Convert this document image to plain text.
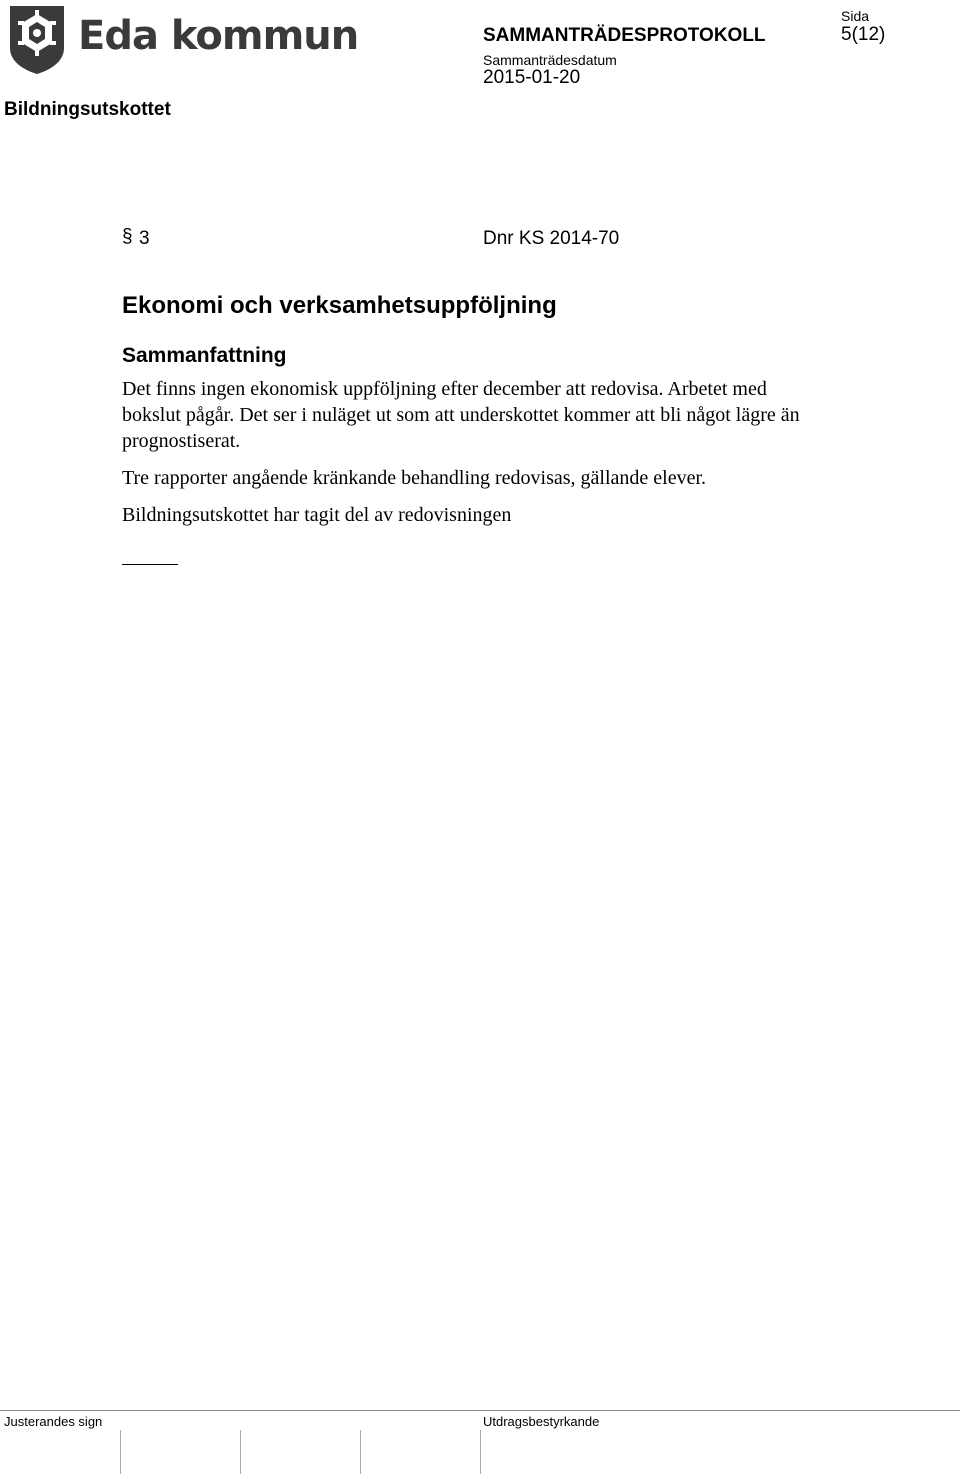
Eda kommun	SAMMANTRÄDESPROTOKOLL
Sammanträdesdatum
2015-01-20
Sida
5(12)
Bildningsutskottet
§ 3	Dnr KS 2014-70
Ekonomi och verksamhetsuppföljning
Sammanfattning
Det finns ingen ekonomisk uppföljning efter december att redovisa. Arbetet med bokslut pågår. Det ser i nuläget ut som att underskottet kommer att bli något lägre än prognostiserat.
Tre rapporter angående kränkande behandling redovisas, gällande elever.
Bildningsutskottet har tagit del av redovisningen
Justerandes sign	Utdragsbestyrkande
